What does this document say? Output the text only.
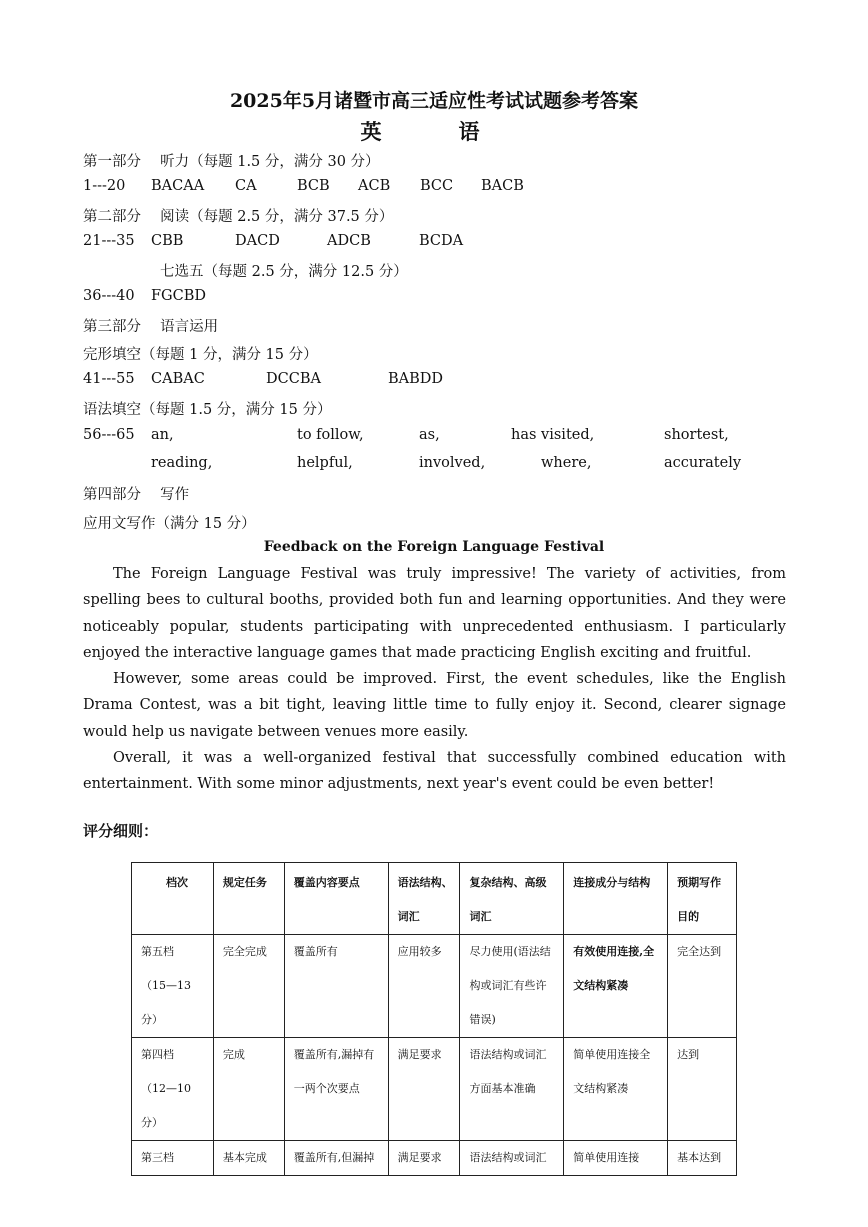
2025年5月诸暨市高三适应性考试试题参考答案
英　语
第一部分　 听力（每题 1.5 分，满分 30 分）
1---20 BACAA CA	BCB ACB BCC BACB
第二部分　 阅读（每题 2.5 分，满分 37.5 分）
21---35 CBB	DACD	ADCB	BCDA
七选五（每题 2.5 分，满分 12.5 分）
36---40 FGCBD
第三部分　 语言运用
完形填空（每题 1 分，满分 15 分）
41---55 CABAC	DCCBA	BABDD
语法填空（每题 1.5 分，满分 15 分）
56---65 an,	to follow,	as,	has visited,	shortest,
reading,	helpful,	involved,	where,	accurately
第四部分　 写作
应用文写作（满分 15 分）
Feedback on the Foreign Language Festival

The Foreign Language Festival was truly impressive! The variety of activities, from spelling bees to cultural booths, provided both fun and learning opportunities. And they were noticeably popular, students participating with unprecedented enthusiasm. I particularly enjoyed the interactive language games that made practicing English exciting and fruitful.

However, some areas could be improved. First, the event schedules, like the English Drama Contest, was a bit tight, leaving little time to fully enjoy it. Second, clearer signage would help us navigate between venues more easily.

Overall, it was a well-organized festival that successfully combined education with entertainment. With some minor adjustments, next year's event could be even better!

评分细则：
档次	规定任务	覆盖内容要点	语法结构、词汇	复杂结构、高级词汇	连接成分与结构	预期写作目的

第五档
（15—13 分）	完全完成	覆盖所有	应用较多	尽力使用(语法结构或词汇有些许错误)	有效使用连接,全文结构紧凑	完全达到

第四档
（12—10 分）	完成	覆盖所有,漏掉有一两个次要点	满足要求	语法结构或词汇方面基本准确	简单使用连接全文结构紧凑	达到
第三档	基本完成	覆盖所有,但漏掉	满足要求	语法结构或词汇	简单使用连接	基本达到
